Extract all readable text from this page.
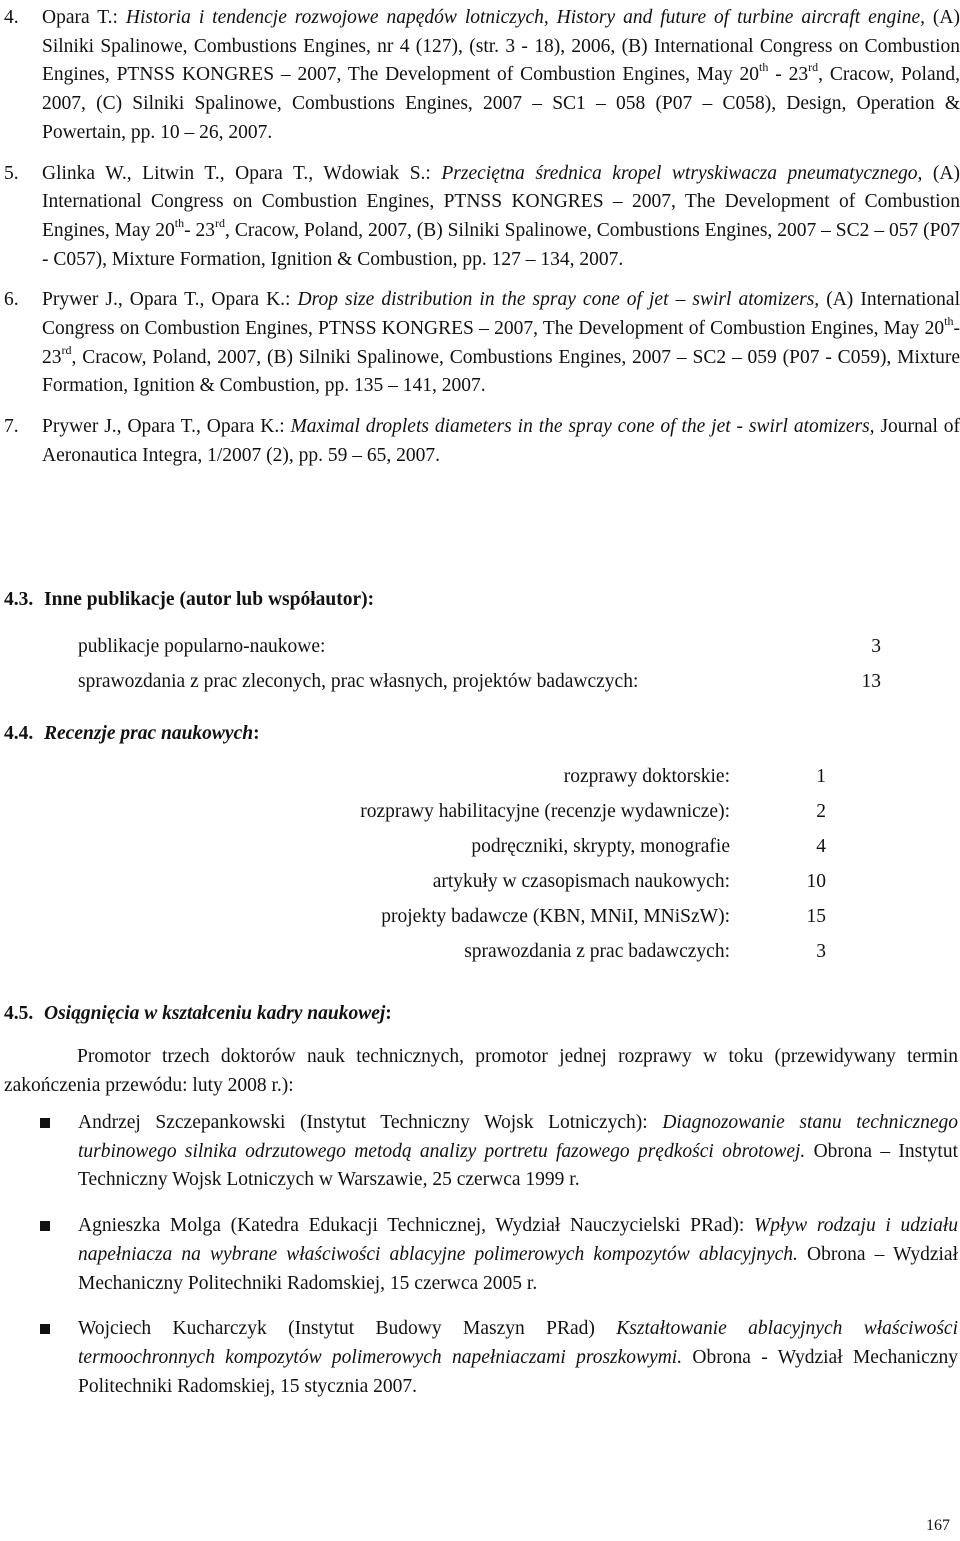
4.	Opara T.: Historia i tendencje rozwojowe napędów lotniczych, History and future of turbine aircraft engine, (A) Silniki Spalinowe, Combustions Engines, nr 4 (127), (str. 3 - 18), 2006, (B) International Congress on Combustion Engines, PTNSS KONGRES – 2007, The Development of Combustion Engines, May 20th - 23rd, Cracow, Poland, 2007, (C) Silniki Spalinowe, Combustions Engines, 2007 – SC1 – 058 (P07 – C058), Design, Operation & Powertain, pp. 10 – 26, 2007.
5.	Glinka W., Litwin T., Opara T., Wdowiak S.: Przeciętna średnica kropel wtryskiwacza pneumatycznego, (A) International Congress on Combustion Engines, PTNSS KONGRES – 2007, The Development of Combustion Engines, May 20th- 23rd, Cracow, Poland, 2007, (B) Silniki Spalinowe, Combustions Engines, 2007 – SC2 – 057 (P07 - C057), Mixture Formation, Ignition & Combustion, pp. 127 – 134, 2007.
6.	Prywer J., Opara T., Opara K.: Drop size distribution in the spray cone of jet – swirl atomizers, (A) International Congress on Combustion Engines, PTNSS KONGRES – 2007, The Development of Combustion Engines, May 20th- 23rd, Cracow, Poland, 2007, (B) Silniki Spalinowe, Combustions Engines, 2007 – SC2 – 059 (P07 - C059), Mixture Formation, Ignition & Combustion, pp. 135 – 141, 2007.
7.	Prywer J., Opara T., Opara K.: Maximal droplets diameters in the spray cone of the jet - swirl atomizers, Journal of Aeronautica Integra, 1/2007 (2), pp. 59 – 65, 2007.
4.3. Inne publikacje (autor lub współautor):
publikacje popularno-naukowe:	3
sprawozdania z prac zleconych, prac własnych, projektów badawczych:	13
4.4. Recenzje prac naukowych:
rozprawy doktorskie:	1
rozprawy habilitacyjne (recenzje wydawnicze):	2
podręczniki, skrypty, monografie	4
artykuły w czasopismach naukowych:	10
projekty badawcze (KBN, MNiI, MNiSzW):	15
sprawozdania z prac badawczych:	3
4.5. Osiągnięcia w kształceniu kadry naukowej:

Promotor trzech doktorów nauk technicznych, promotor jednej rozprawy w toku (przewidywany termin zakończenia przewódu: luty 2008 r.):

Andrzej Szczepankowski (Instytut Techniczny Wojsk Lotniczych): Diagnozowanie stanu technicznego turbinowego silnika odrzutowego metodą analizy portretu fazowego prędkości obrotowej. Obrona – Instytut Techniczny Wojsk Lotniczych w Warszawie, 25 czerwca 1999 r.
Agnieszka Molga (Katedra Edukacji Technicznej, Wydział Nauczycielski PRad): Wpływ rodzaju i udziału napełniacza na wybrane właściwości ablacyjne polimerowych kompozytów ablacyjnych. Obrona – Wydział Mechaniczny Politechniki Radomskiej, 15 czerwca 2005 r.
Wojciech Kucharczyk (Instytut Budowy Maszyn PRad) Kształtowanie ablacyjnych właściwości termoochronnych kompozytów polimerowych napełniaczami proszkowymi. Obrona - Wydział Mechaniczny Politechniki Radomskiej, 15 stycznia 2007.
167
